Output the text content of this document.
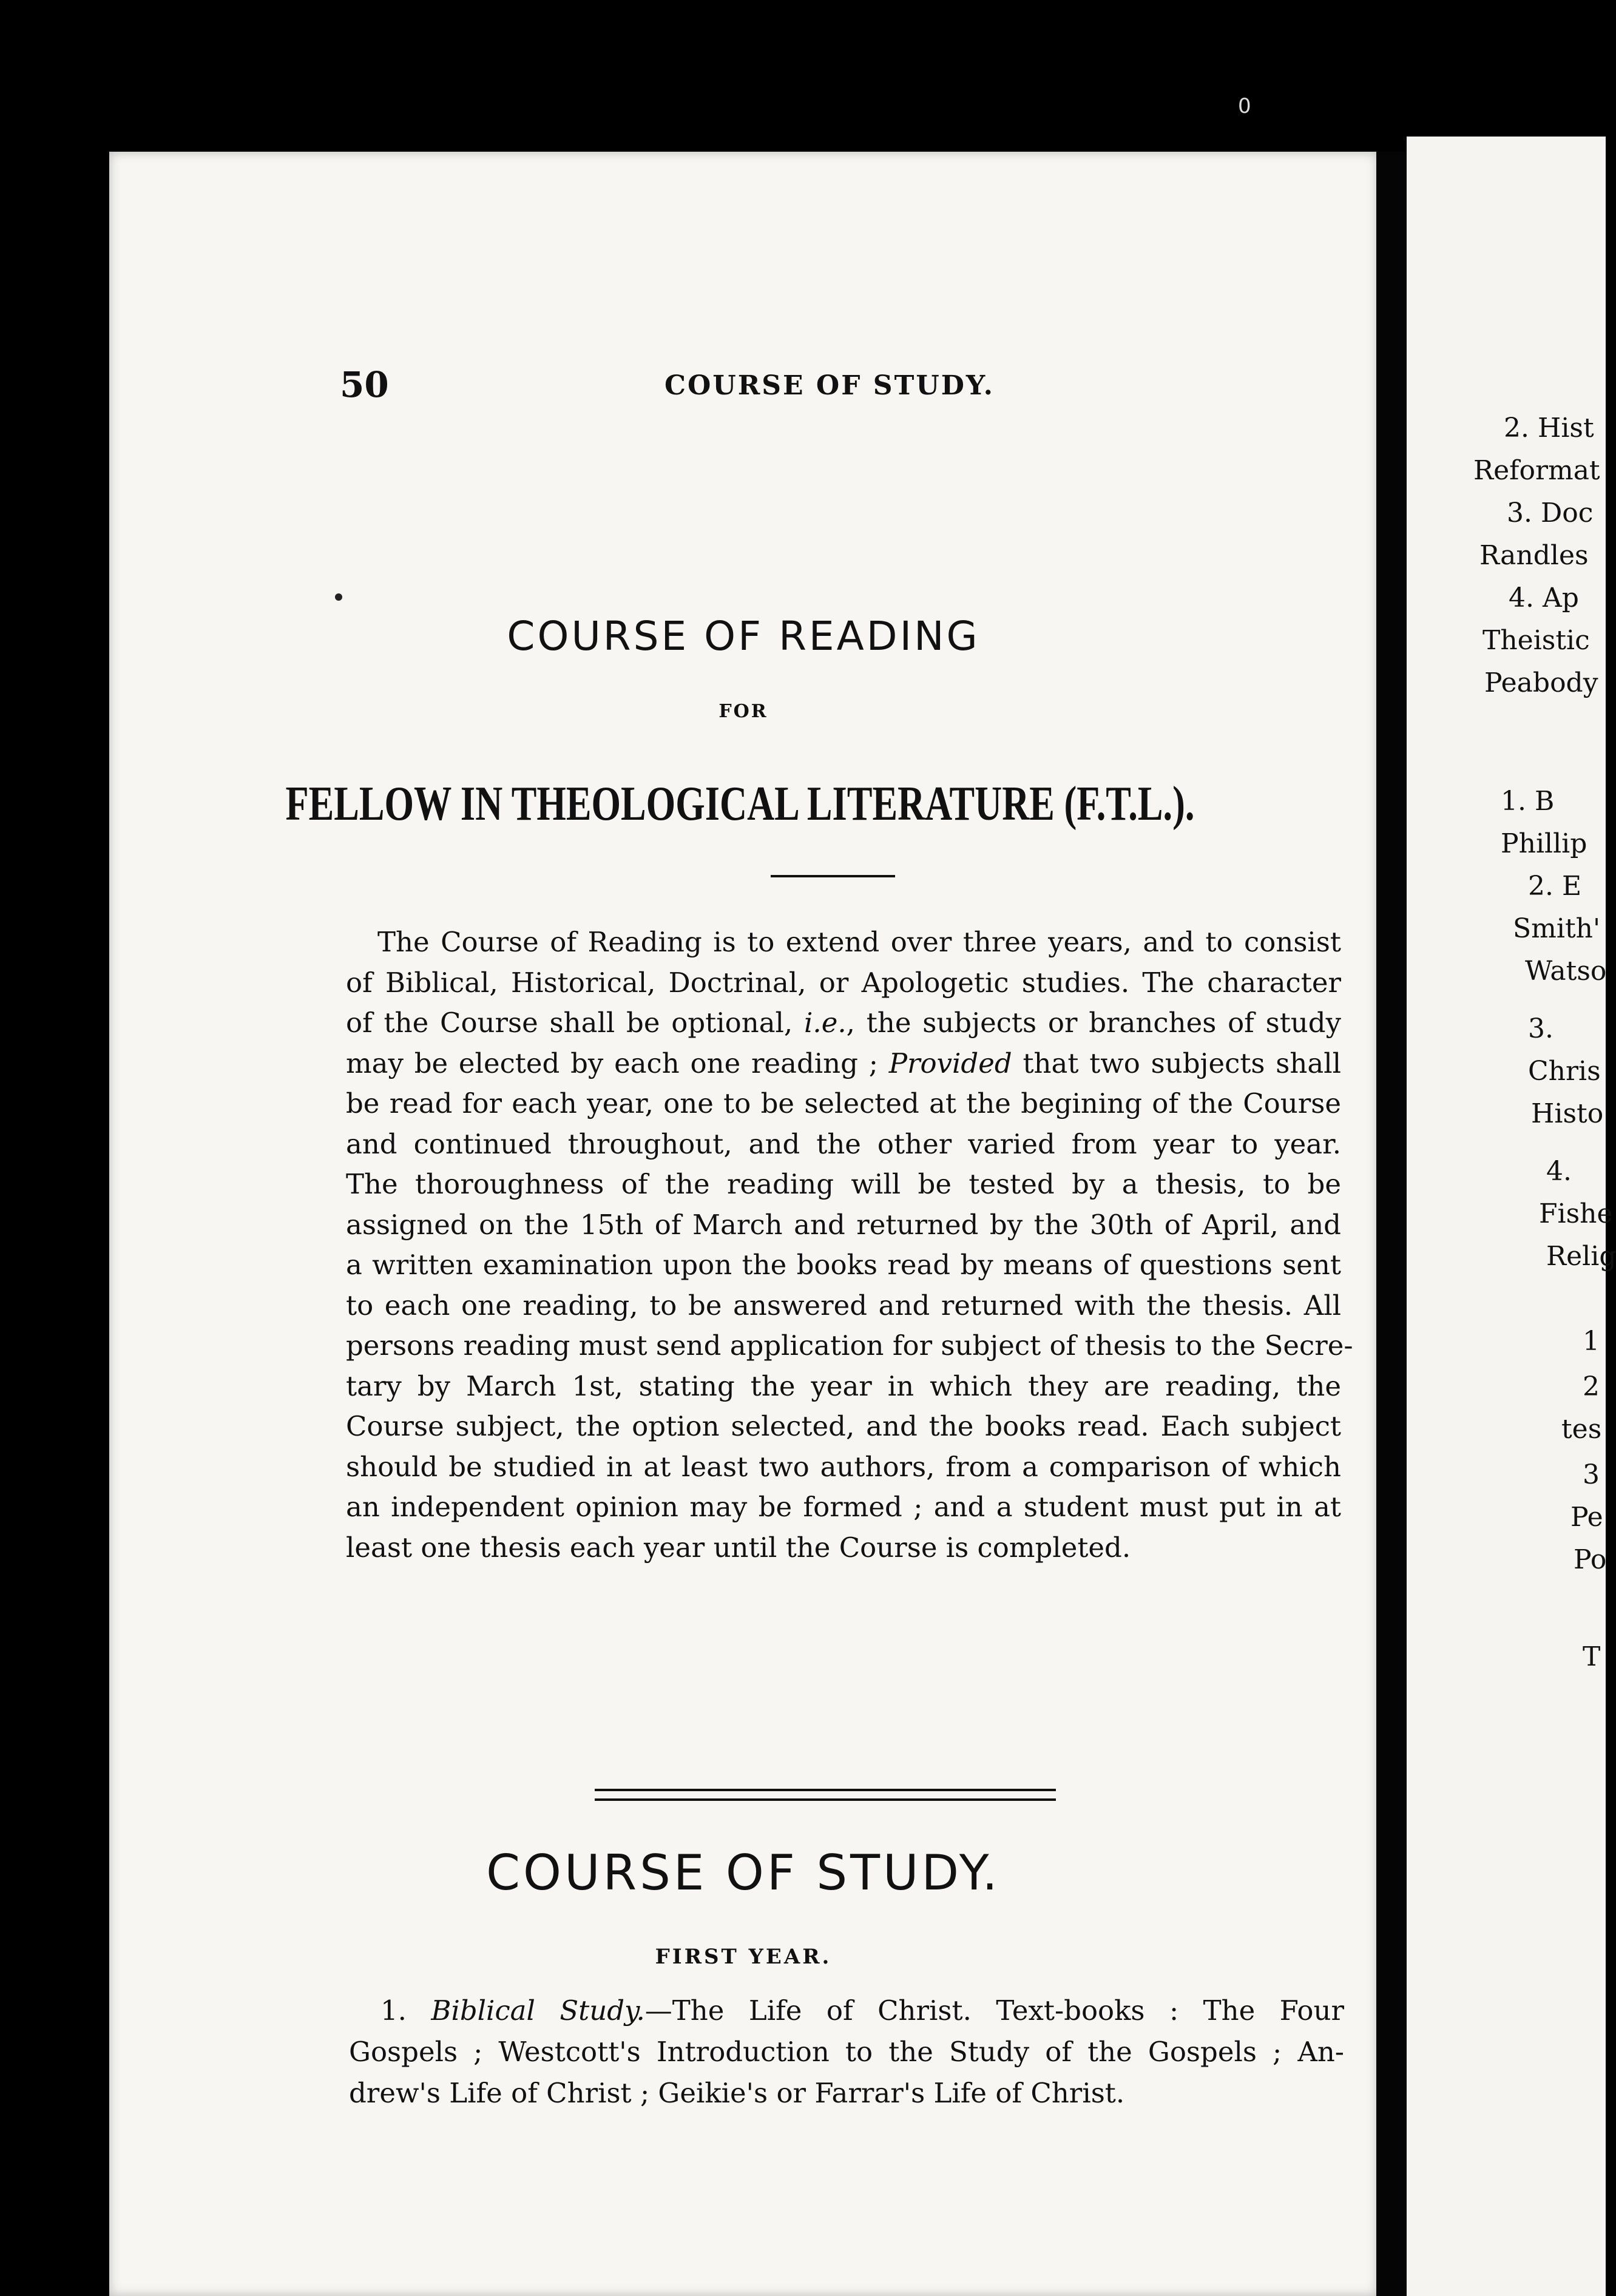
0
50	COURSE OF STUDY.
COURSE OF READING
FOR
FELLOW IN THEOLOGICAL LITERATURE (F.T.L.).
The Course of Reading is to extend over three years, and to consist
of Biblical, Historical, Doctrinal, or Apologetic studies. The character
of the Course shall be optional, i.e., the subjects or branches of study
may be elected by each one reading ; Provided that two subjects shall
be read for each year, one to be selected at the begining of the Course
and continued throughout, and the other varied from year to year.
The thoroughness of the reading will be tested by a thesis, to be
assigned on the 15th of March and returned by the 30th of April, and
a written examination upon the books read by means of questions sent
to each one reading, to be answered and returned with the thesis. All
persons reading must send application for subject of thesis to the Secre-
tary by March 1st, stating the year in which they are reading, the
Course subject, the option selected, and the books read. Each subject
should be studied in at least two authors, from a comparison of which
an independent opinion may be formed ; and a student must put in at
least one thesis each year until the Course is completed.
COURSE OF STUDY.
FIRST YEAR.
1. Biblical Study.—The Life of Christ. Text-books : The Four
Gospels ; Westcott's Introduction to the Study of the Gospels ; An-
drew's Life of Christ ; Geikie's or Farrar's Life of Christ.
2. Hist
Reformat
3. Doc
Randles
4. Ap
Theistic
Peabody
1. B
Phillip
2. E
Smith'
Watso
3.
Chris
Histo
4.
Fishe
Relig
1
2
tes
3
Pe
Po
T
